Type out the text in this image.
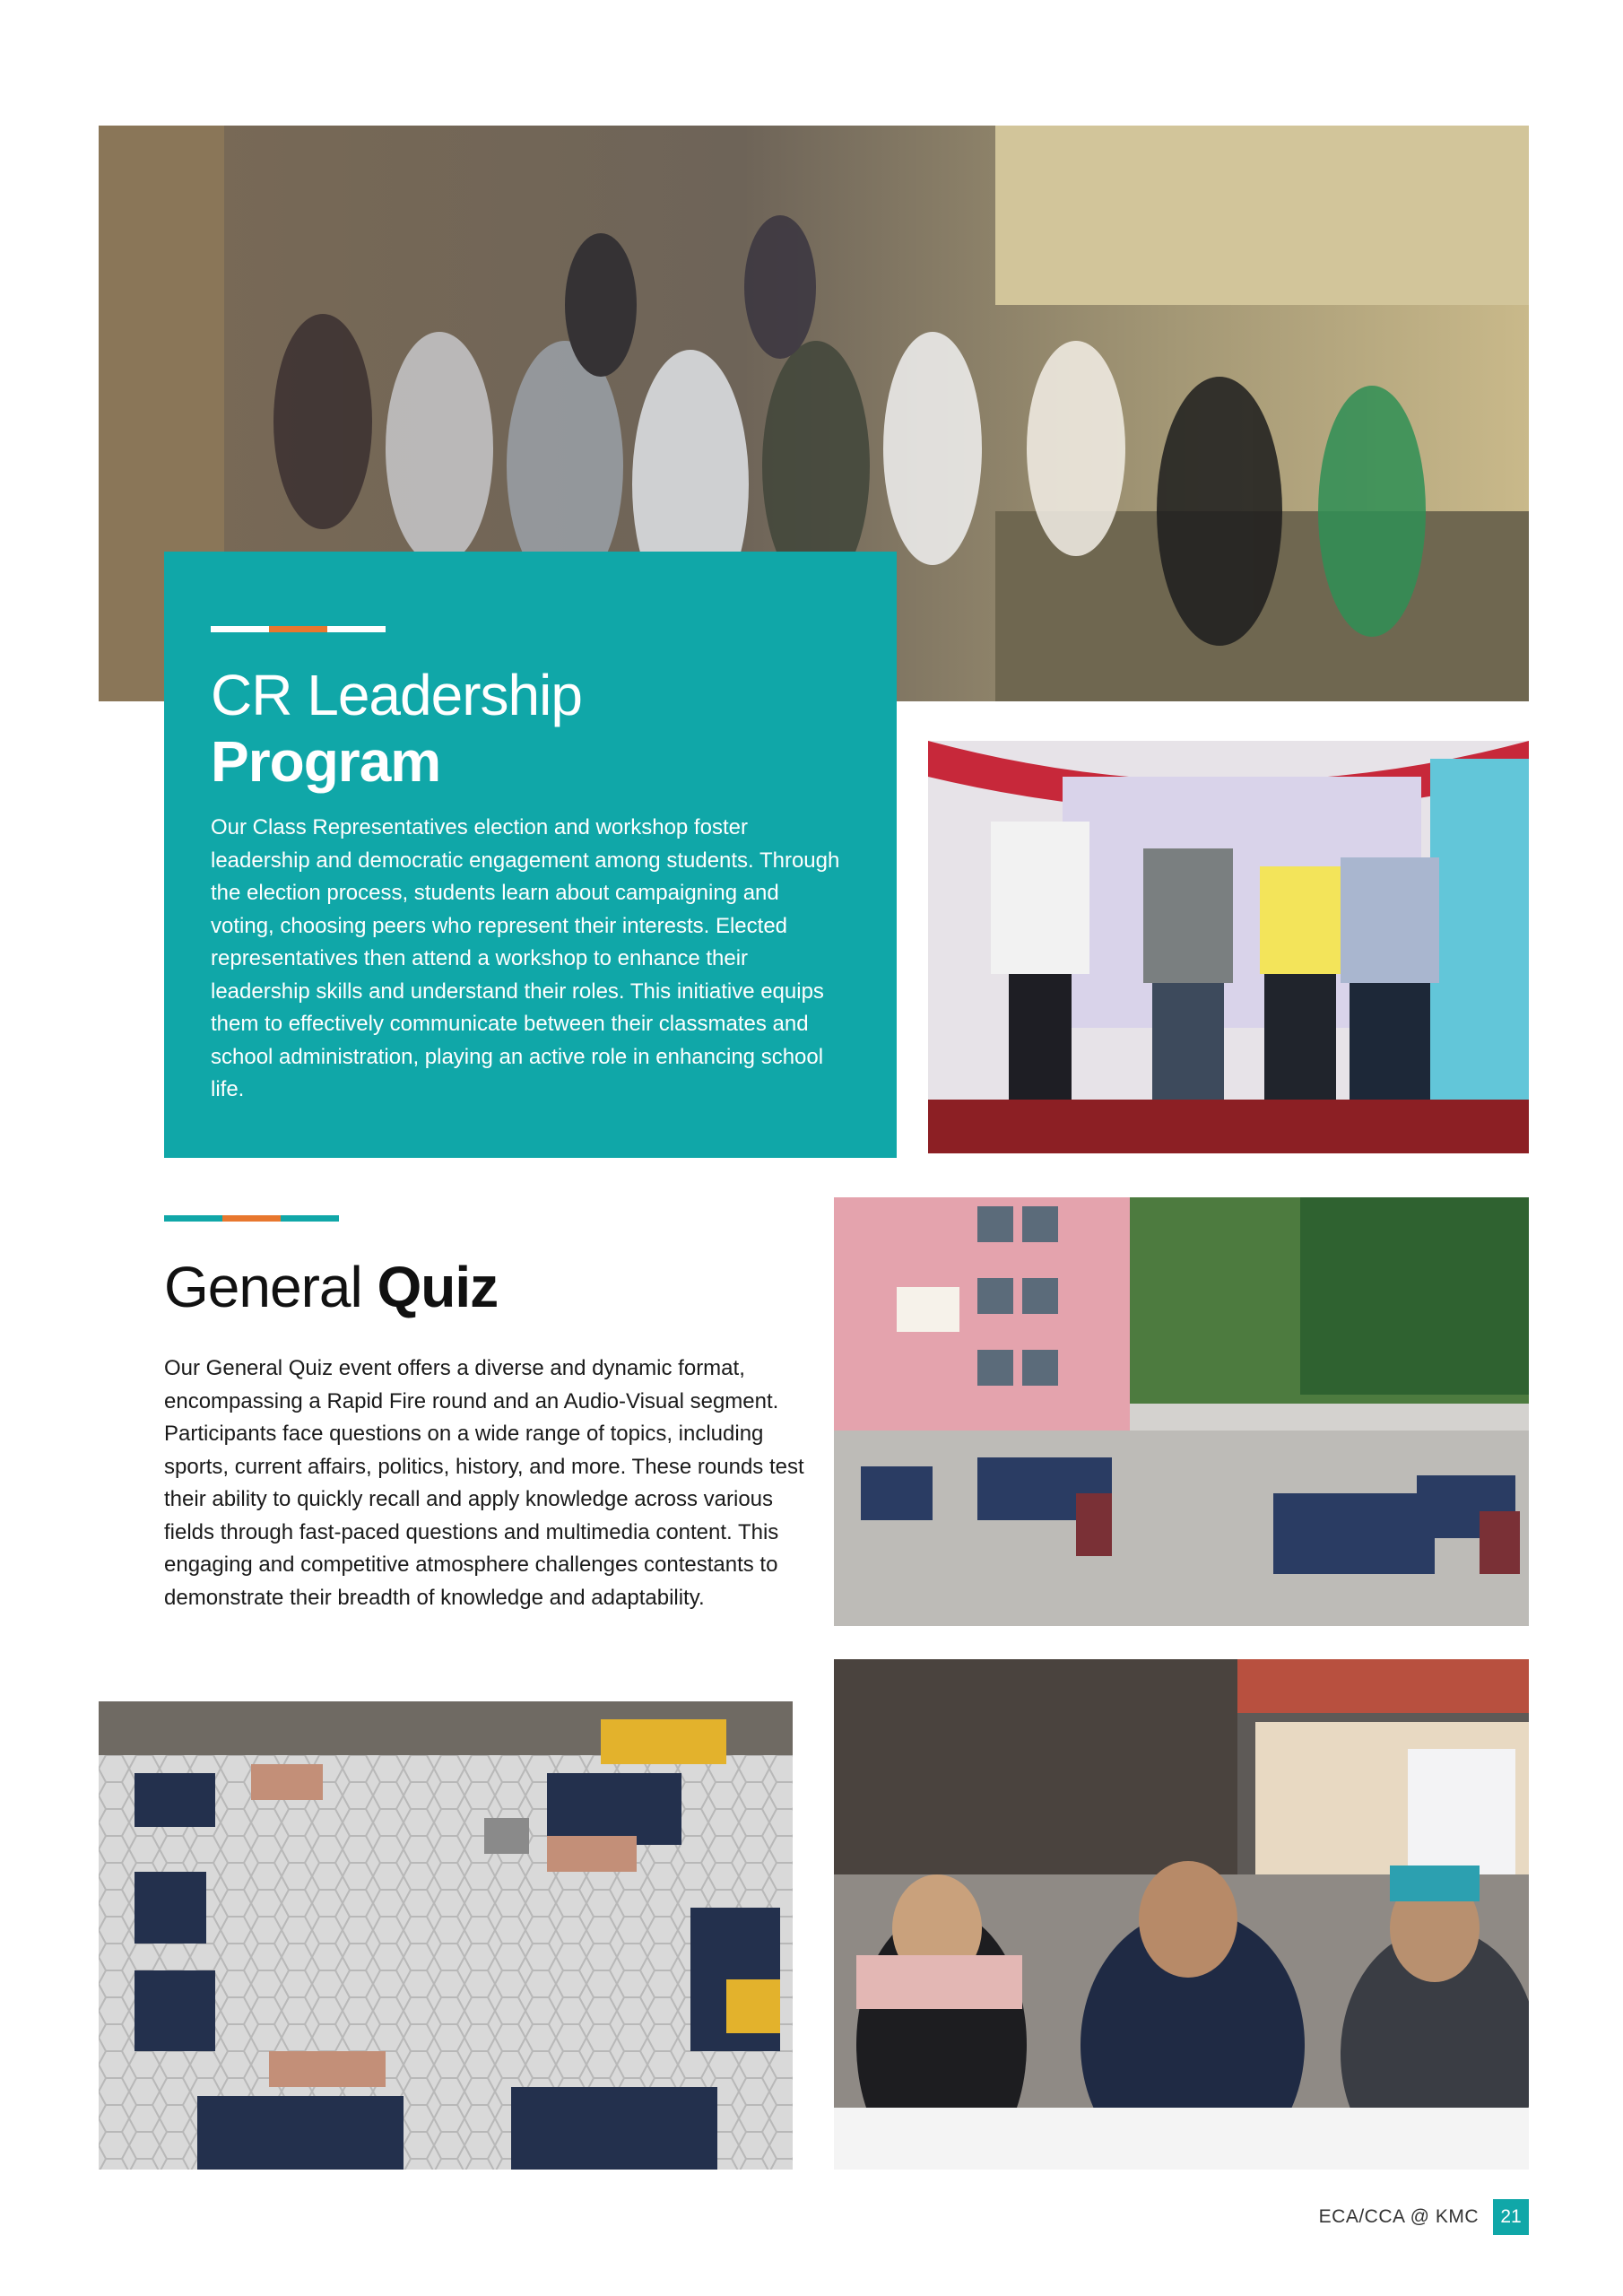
CR Leadership
Program

Our Class Representatives election and workshop foster leadership and democratic engagement among students. Through the election process, students learn about campaigning and voting, choosing peers who represent their interests. Elected representatives then attend a workshop to enhance their leadership skills and understand their roles. This initiative equips them to effectively communicate between their classmates and school administration, playing an active role in enhancing school life.

General Quiz

Our General Quiz event offers a diverse and dynamic format, encompassing a Rapid Fire round and an Audio-Visual segment. Participants face questions on a wide range of topics, including sports, current affairs, politics, history, and more. These rounds test their ability to quickly recall and apply knowledge across various fields through fast-paced questions and multimedia content. This engaging and competitive atmosphere challenges contestants to demonstrate their breadth of knowledge and adaptability.

ECA/CCA @ KMC	21
